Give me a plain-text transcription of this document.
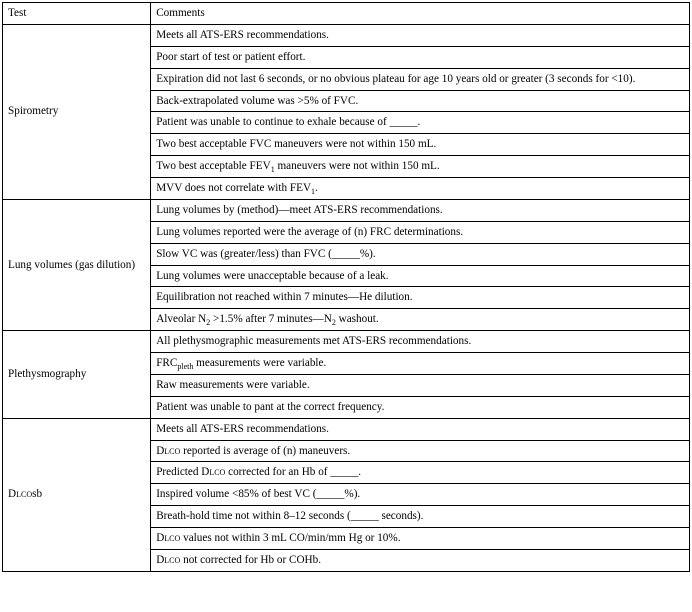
Test	Comments
Spirometry	Meets all ATS-ERS recommendations.
	Poor start of test or patient effort.
	Expiration did not last 6 seconds, or no obvious plateau for age 10 years old or greater (3 seconds for <10).
	Back-extrapolated volume was >5% of FVC.
	Patient was unable to continue to exhale because of _____.
	Two best acceptable FVC maneuvers were not within 150 mL.
	Two best acceptable $FEV_1$ maneuvers were not within 150 mL.
	MVV does not correlate with $FEV_1$.
Lung volumes (gas dilution)	Lung volumes by (method)—meet ATS-ERS recommendations.
	Lung volumes reported were the average of (n) FRC determinations.
	Slow VC was (greater/less) than FVC (_____%).
	Lung volumes were unacceptable because of a leak.
	Equilibration not reached within 7 minutes—He dilution.
	Alveolar $N_2 >1.5\%$ after 7 $minutes—N_2$ washout.
Plethysmography	All plethysmographic measurements met ATS-ERS recommendations.
	$FRC_{pleth}$ measurements were variable.
	Raw measurements were variable.
	Patient was unable to pant at the correct frequency.
Dlcosb	Meets all ATS-ERS recommendations.
	Dlco reported is average of (n) maneuvers.
	Predicted Dlco corrected for an Hb of _____.
	Inspired volume <85% of best VC (_____%).
	Breath-hold time not within 8–12 seconds (_____ seconds).
	Dlco values not within 3 mL CO/min/mm Hg or 10%.
	Dlco not corrected for Hb or COHb.
